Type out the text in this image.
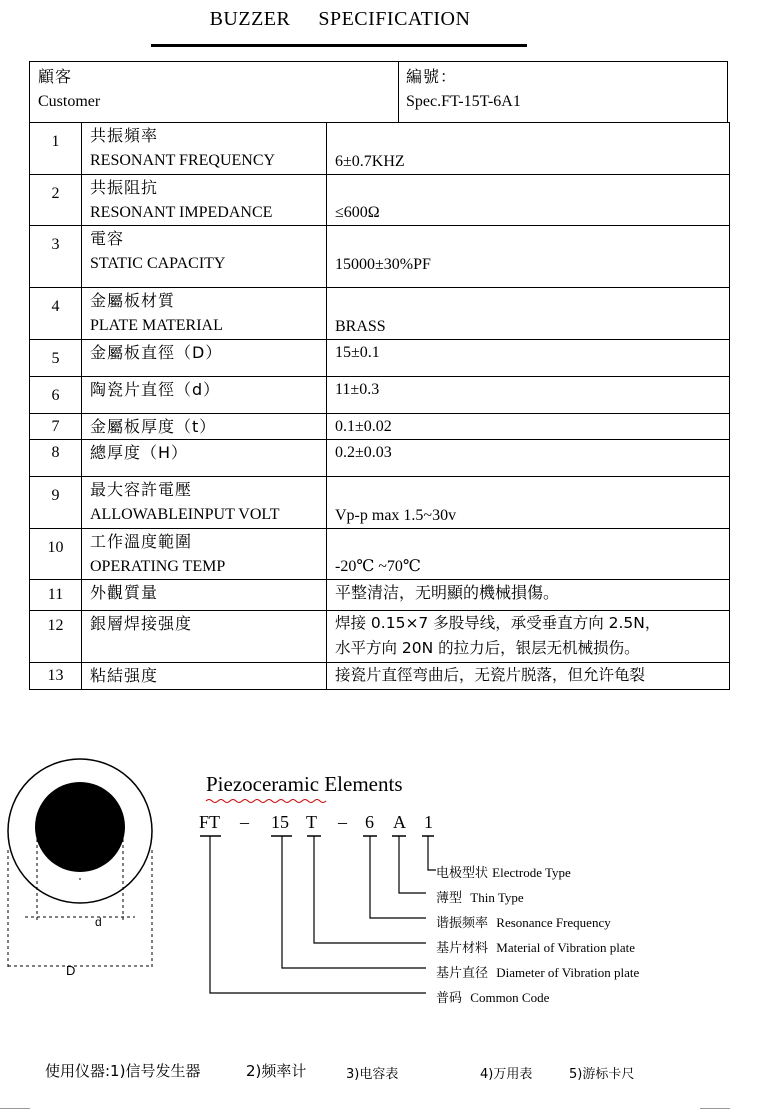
BUZZER SPECIFICATION
顧客
Customer
編號：
Spec.FT-15T-6A1
1	共振頻率
RESONANT FREQUENCY	6±0.7KHZ
2	共振阻抗
RESONANT IMPEDANCE	≤600Ω
3	電容
STATIC CAPACITY	15000±30%PF
4	金屬板材質
PLATE MATERIAL	BRASS
5	金屬板直徑（D）	15±0.1
6	陶瓷片直徑（d）	11±0.3
7	金屬板厚度（t）	0.1±0.02
8	總厚度（H）	0.2±0.03
9	最大容許電壓
ALLOWABLEINPUT VOLT	Vp-p max 1.5~30v
10	工作溫度範圍
OPERATING TEMP	-20℃ ~70℃
11	外觀質量	平整清洁，无明顯的機械損傷。
12	銀層焊接强度	焊接 0.15×7 多股导线，承受垂直方向 2.5N，
水平方向 20N 的拉力后，银层无机械损伤。

13	粘結强度	接瓷片直徑弯曲后，无瓷片脱落，但允许龟裂
d
D
Piezoceramic Elements
FT – 15 T – 6 A 1
电极型状 Electrode Type
薄型 Thin Type
谐振频率 Resonance Frequency
基片材料 Material of Vibration plate
基片直径 Diameter of Vibration plate
普码 Common Code
使用仪器:1)信号发生器	2)频率计	3)电容表	4)万用表	5)游标卡尺
